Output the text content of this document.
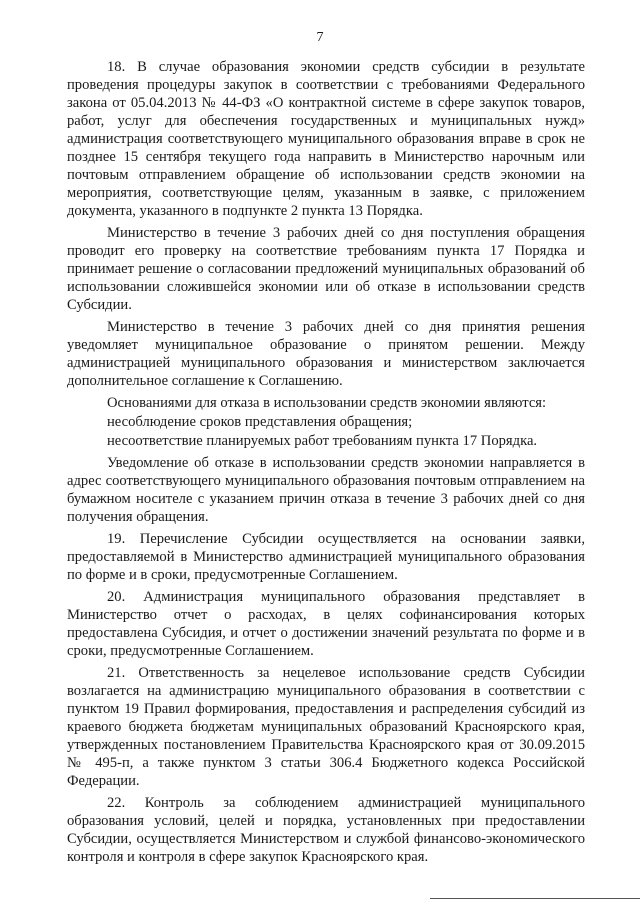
7

18. В случае образования экономии средств субсидии в результате проведения процедуры закупок в соответствии с требованиями Федерального закона от 05.04.2013 № 44-ФЗ «О контрактной системе в сфере закупок товаров, работ, услуг для обеспечения государственных и муниципальных нужд» администрация соответствующего муниципального образования вправе в срок не позднее 15 сентября текущего года направить в Министерство нарочным или почтовым отправлением обращение об использовании средств экономии на мероприятия, соответствующие целям, указанным в заявке, с приложением документа, указанного в подпункте 2 пункта 13 Порядка.

Министерство в течение 3 рабочих дней со дня поступления обращения проводит его проверку на соответствие требованиям пункта 17 Порядка и принимает решение о согласовании предложений муниципальных образований об использовании сложившейся экономии или об отказе в использовании средств Субсидии.

Министерство в течение 3 рабочих дней со дня принятия решения уведомляет муниципальное образование о принятом решении. Между администрацией муниципального образования и министерством заключается дополнительное соглашение к Соглашению.

Основаниями для отказа в использовании средств экономии являются:

несоблюдение сроков представления обращения;

несоответствие планируемых работ требованиям пункта 17 Порядка.

Уведомление об отказе в использовании средств экономии направляется в адрес соответствующего муниципального образования почтовым отправлением на бумажном носителе с указанием причин отказа в течение 3 рабочих дней со дня получения обращения.

19. Перечисление Субсидии осуществляется на основании заявки, предоставляемой в Министерство администрацией муниципального образования по форме и в сроки, предусмотренные Соглашением.

20. Администрация муниципального образования представляет в Министерство отчет о расходах, в целях софинансирования которых предоставлена Субсидия, и отчет о достижении значений результата по форме и в сроки, предусмотренные Соглашением.

21. Ответственность за нецелевое использование средств Субсидии возлагается на администрацию муниципального образования в соответствии с пунктом 19 Правил формирования, предоставления и распределения субсидий из краевого бюджета бюджетам муниципальных образований Красноярского края, утвержденных постановлением Правительства Красноярского края от 30.09.2015 № 495-п, а также пунктом 3 статьи 306.4 Бюджетного кодекса Российской Федерации.

22. Контроль за соблюдением администрацией муниципального образования условий, целей и порядка, установленных при предоставлении Субсидии, осуществляется Министерством и службой финансово-экономического контроля и контроля в сфере закупок Красноярского края.
